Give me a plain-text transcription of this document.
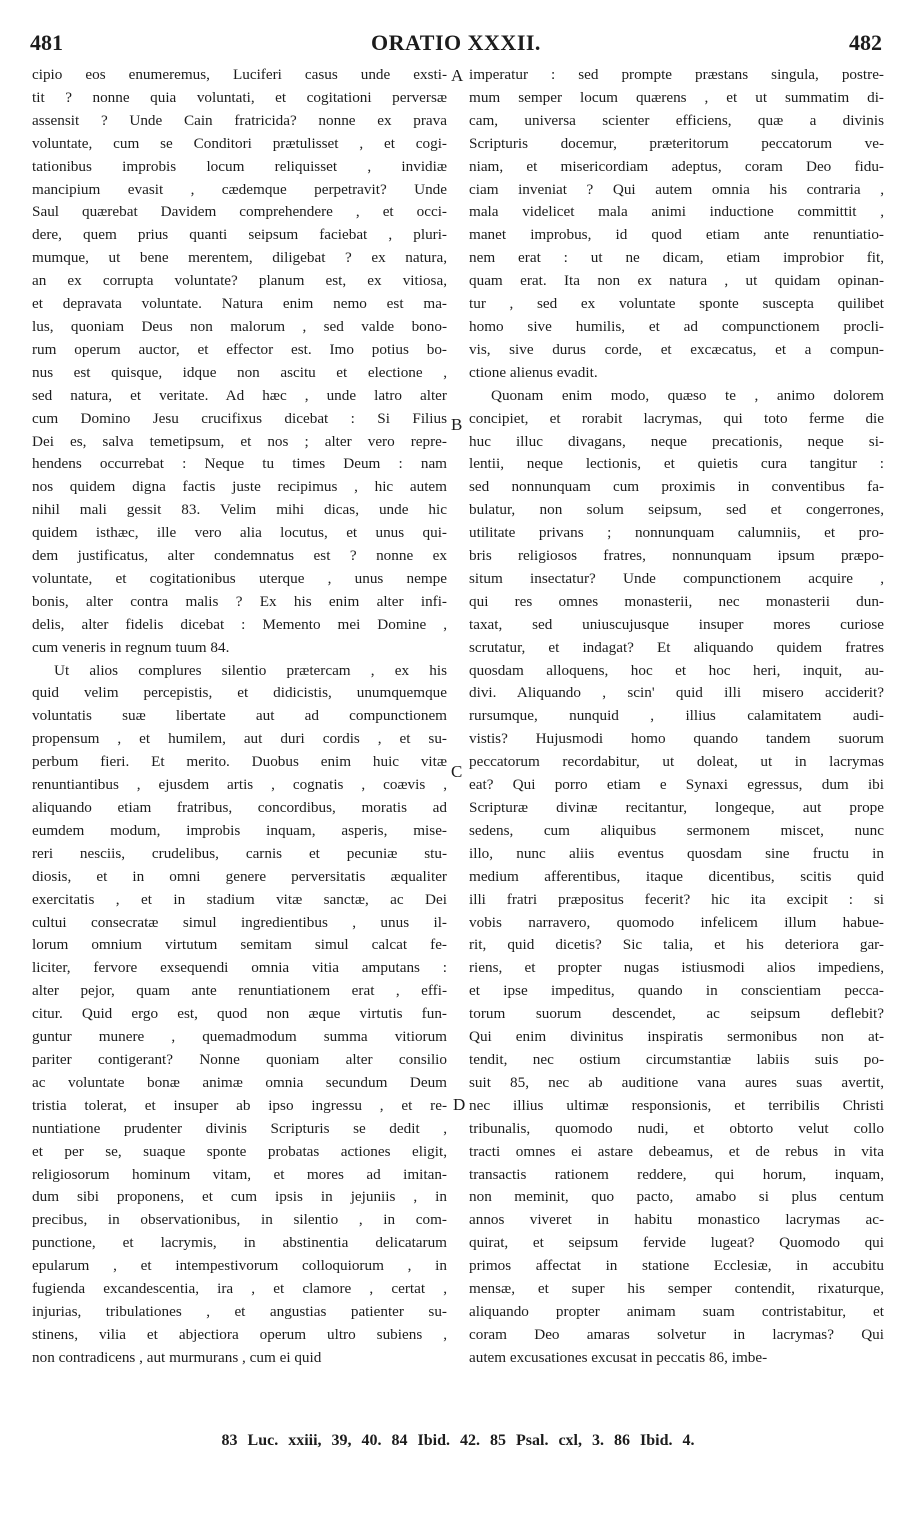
481	ORATIO XXXII.	482
cipio eos enumeremus, Luciferi casus unde exsti-
tit ? nonne quia voluntati, et cogitationi perversæ
assensit ? Unde Cain fratricida? nonne ex prava
voluntate, cum se Conditori prætulisset , et cogi-
tationibus improbis locum reliquisset , invidiæ
mancipium evasit , cædemque perpetravit? Unde
Saul quærebat Davidem comprehendere , et occi-
dere, quem prius quanti seipsum faciebat , pluri-
mumque, ut bene merentem, diligebat ? ex natura,
an ex corrupta voluntate? planum est, ex vitiosa,
et depravata voluntate. Natura enim nemo est ma-
lus, quoniam Deus non malorum , sed valde bono-
rum operum auctor, et effector est. Imo potius bo-
nus est quisque, idque non ascitu et electione ,
sed natura, et veritate. Ad hæc , unde latro alter
cum Domino Jesu crucifixus dicebat : Si Filius
Dei es, salva temetipsum, et nos ; alter vero repre-
hendens occurrebat : Neque tu times Deum : nam
nos quidem digna factis juste recipimus , hic autem
nihil mali gessit 83. Velim mihi dicas, unde hic
quidem isthæc, ille vero alia locutus, et unus qui-
dem justificatus, alter condemnatus est ? nonne ex
voluntate, et cogitationibus uterque , unus nempe
bonis, alter contra malis ? Ex his enim alter infi-
delis, alter fidelis dicebat : Memento mei Domine ,
cum veneris in regnum tuum 84.
Ut alios complures silentio prætercam , ex his
quid velim percepistis, et didicistis, unumquemque
voluntatis suæ libertate aut ad compunctionem
propensum , et humilem, aut duri cordis , et su-
perbum fieri. Et merito. Duobus enim huic vitæ
renuntiantibus , ejusdem artis , cognatis , coævis ,
aliquando etiam fratribus, concordibus, moratis ad
eumdem modum, improbis inquam, asperis, mise-
reri nesciis, crudelibus, carnis et pecuniæ stu-
diosis, et in omni genere perversitatis æqualiter
exercitatis , et in stadium vitæ sanctæ, ac Dei
cultui consecratæ simul ingredientibus , unus il-
lorum omnium virtutum semitam simul calcat fe-
liciter, fervore exsequendi omnia vitia amputans :
alter pejor, quam ante renuntiationem erat , effi-
citur. Quid ergo est, quod non æque virtutis fun-
guntur munere , quemadmodum summa vitiorum
pariter contigerant? Nonne quoniam alter consilio
ac voluntate bonæ animæ omnia secundum Deum
tristia tolerat, et insuper ab ipso ingressu , et re-
nuntiatione prudenter divinis Scripturis se dedit ,
et per se, suaque sponte probatas actiones eligit,
religiosorum hominum vitam, et mores ad imitan-
dum sibi proponens, et cum ipsis in jejuniis , in
precibus, in observationibus, in silentio , in com-
punctione, et lacrymis, in abstinentia delicatarum
epularum , et intempestivorum colloquiorum , in
fugienda excandescentia, ira , et clamore , certat ,
injurias, tribulationes , et angustias patienter su-
stinens, vilia et abjectiora operum ultro subiens ,
non contradicens , aut murmurans , cum ei quid
imperatur : sed prompte præstans singula, postre-
mum semper locum quærens , et ut summatim di-
cam, universa scienter efficiens, quæ a divinis
Scripturis docemur, præteritorum peccatorum ve-
niam, et misericordiam adeptus, coram Deo fidu-
ciam inveniat ? Qui autem omnia his contraria ,
mala videlicet mala animi inductione committit ,
manet improbus, id quod etiam ante renuntiatio-
nem erat : ut ne dicam, etiam improbior fit,
quam erat. Ita non ex natura , ut quidam opinan-
tur , sed ex voluntate sponte suscepta quilibet
homo sive humilis, et ad compunctionem procli-
vis, sive durus corde, et excæcatus, et a compun-
ctione alienus evadit.
Quonam enim modo, quæso te , animo dolorem
concipiet, et rorabit lacrymas, qui toto ferme die
huc illuc divagans, neque precationis, neque si-
lentii, neque lectionis, et quietis cura tangitur :
sed nonnunquam cum proximis in conventibus fa-
bulatur, non solum seipsum, sed et congerrones,
utilitate privans ; nonnunquam calumniis, et pro-
bris religiosos fratres, nonnunquam ipsum præpo-
situm insectatur? Unde compunctionem acquire ,
qui res omnes monasterii, nec monasterii dun-
taxat, sed uniuscujusque insuper mores curiose
scrutatur, et indagat? Et aliquando quidem fratres
quosdam alloquens, hoc et hoc heri, inquit, au-
divi. Aliquando , scin' quid illi misero acciderit?
rursumque, nunquid , illius calamitatem audi-
vistis? Hujusmodi homo quando tandem suorum
peccatorum recordabitur, ut doleat, ut in lacrymas
eat? Qui porro etiam e Synaxi egressus, dum ibi
Scripturæ divinæ recitantur, longeque, aut prope
sedens, cum aliquibus sermonem miscet, nunc
illo, nunc aliis eventus quosdam sine fructu in
medium afferentibus, itaque dicentibus, scitis quid
illi fratri præpositus fecerit? hic ita excipit : si
vobis narravero, quomodo infelicem illum habue-
rit, quid dicetis? Sic talia, et his deteriora gar-
riens, et propter nugas istiusmodi alios impediens,
et ipse impeditus, quando in conscientiam pecca-
torum suorum descendet, ac seipsum deflebit?
Qui enim divinitus inspiratis sermonibus non at-
tendit, nec ostium circumstantiæ labiis suis po-
suit 85, nec ab auditione vana aures suas avertit,
nec illius ultimæ responsionis, et terribilis Christi
tribunalis, quomodo nudi, et obtorto velut collo
tracti omnes ei astare debeamus, et de rebus in vita
transactis rationem reddere, qui horum, inquam,
non meminit, quo pacto, amabo si plus centum
annos viveret in habitu monastico lacrymas ac-
quirat, et seipsum fervide lugeat? Quomodo qui
primos affectat in statione Ecclesiæ, in accubitu
mensæ, et super his semper contendit, rixaturque,
aliquando propter animam suam contristabitur, et
coram Deo amaras solvetur in lacrymas? Qui
autem excusationes excusat in peccatis 86, imbe-
A
B
C
D
83 Luc. xxiii, 39, 40. 84 Ibid. 42. 85 Psal. cxl, 3. 86 Ibid. 4.
